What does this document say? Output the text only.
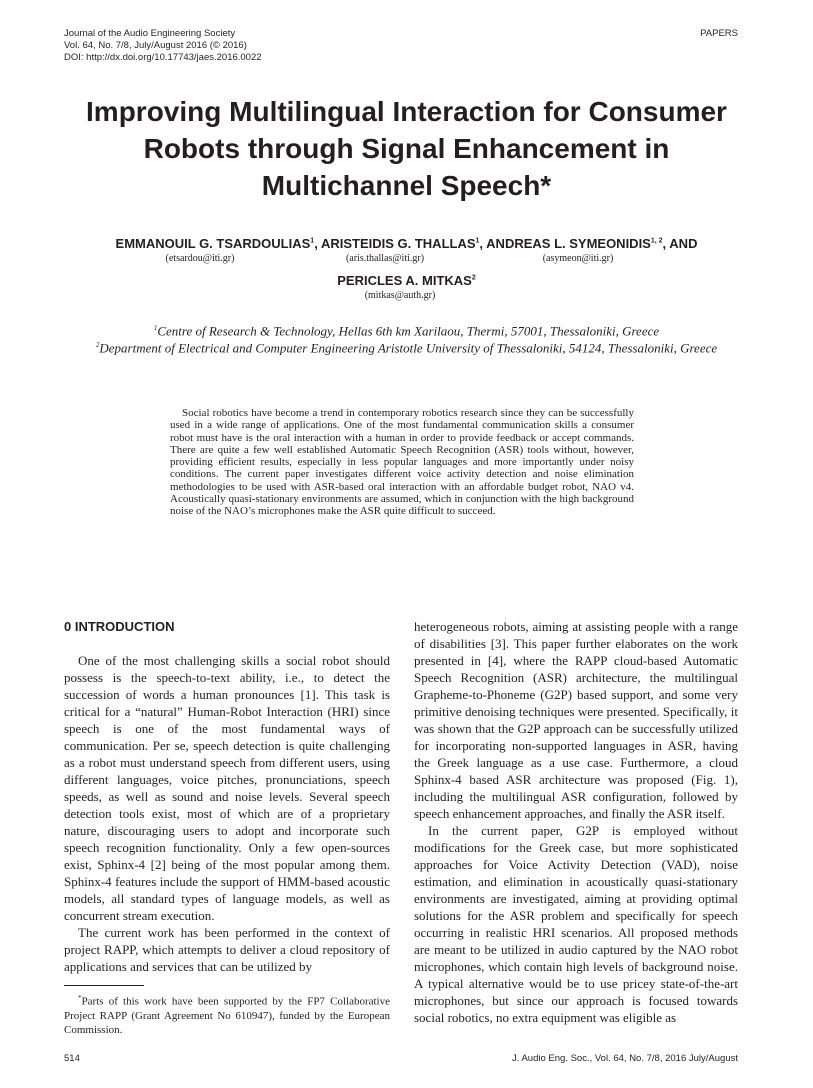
Journal of the Audio Engineering Society
Vol. 64, No. 7/8, July/August 2016 (© 2016)
DOI: http://dx.doi.org/10.17743/jaes.2016.0022
PAPERS
Improving Multilingual Interaction for Consumer
Robots through Signal Enhancement in
Multichannel Speech*
EMMANOUIL G. TSARDOULIAS$^1$, ARISTEIDIS G. THALLAS$^1$, ANDREAS L. SYMEONIDIS$^{1, 2}$, AND
(etsardou@iti.gr)	(aris.thallas@iti.gr)	(asymeon@iti.gr)
PERICLES A. MITKAS$^2$
(mitkas@auth.gr)
$^1$Centre of Research & Technology, Hellas 6th km Xarilaou, Thermi, 57001, Thessaloniki, Greece
$^2$Department of Electrical and Computer Engineering Aristotle University of Thessaloniki, 54124, Thessaloniki, Greece

Social robotics have become a trend in contemporary robotics research since they can be successfully used in a wide range of applications. One of the most fundamental communication skills a consumer robot must have is the oral interaction with a human in order to provide feedback or accept commands. There are quite a few well established Automatic Speech Recognition (ASR) tools without, however, providing efficient results, especially in less popular languages and more importantly under noisy conditions. The current paper investigates different voice activity detection and noise elimination methodologies to be used with ASR-based oral interaction with an affordable budget robot, NAO v4. Acoustically quasi-stationary environments are assumed, which in conjunction with the high background noise of the NAO’s microphones make the ASR quite difficult to succeed.

0 INTRODUCTION

One of the most challenging skills a social robot should possess is the speech-to-text ability, i.e., to detect the succession of words a human pronounces [1]. This task is critical for a “natural” Human-Robot Interaction (HRI) since speech is one of the most fundamental ways of communication. Per se, speech detection is quite challenging as a robot must understand speech from different users, using different languages, voice pitches, pronunciations, speech speeds, as well as sound and noise levels. Several speech detection tools exist, most of which are of a proprietary nature, discouraging users to adopt and incorporate such speech recognition functionality. Only a few open-sources exist, Sphinx-4 [2] being of the most popular among them. Sphinx-4 features include the support of HMM-based acoustic models, all standard types of language models, as well as concurrent stream execution.

The current work has been performed in the context of project RAPP, which attempts to deliver a cloud repository of applications and services that can be utilized by

*Parts of this work have been supported by the FP7 Collaborative Project RAPP (Grant Agreement No 610947), funded by the European Commission.

heterogeneous robots, aiming at assisting people with a range of disabilities [3]. This paper further elaborates on the work presented in [4], where the RAPP cloud-based Automatic Speech Recognition (ASR) architecture, the multilingual Grapheme-to-Phoneme (G2P) based support, and some very primitive denoising techniques were presented. Specifically, it was shown that the G2P approach can be successfully utilized for incorporating non-supported languages in ASR, having the Greek language as a use case. Furthermore, a cloud Sphinx-4 based ASR architecture was proposed (Fig. 1), including the multilingual ASR configuration, followed by speech enhancement approaches, and finally the ASR itself.

In the current paper, G2P is employed without modifications for the Greek case, but more sophisticated approaches for Voice Activity Detection (VAD), noise estimation, and elimination in acoustically quasi-stationary environments are investigated, aiming at providing optimal solutions for the ASR problem and specifically for speech occurring in realistic HRI scenarios. All proposed methods are meant to be utilized in audio captured by the NAO robot microphones, which contain high levels of background noise. A typical alternative would be to use pricey state-of-the-art microphones, but since our approach is focused towards social robotics, no extra equipment was eligible as

514	J. Audio Eng. Soc., Vol. 64, No. 7/8, 2016 July/August
